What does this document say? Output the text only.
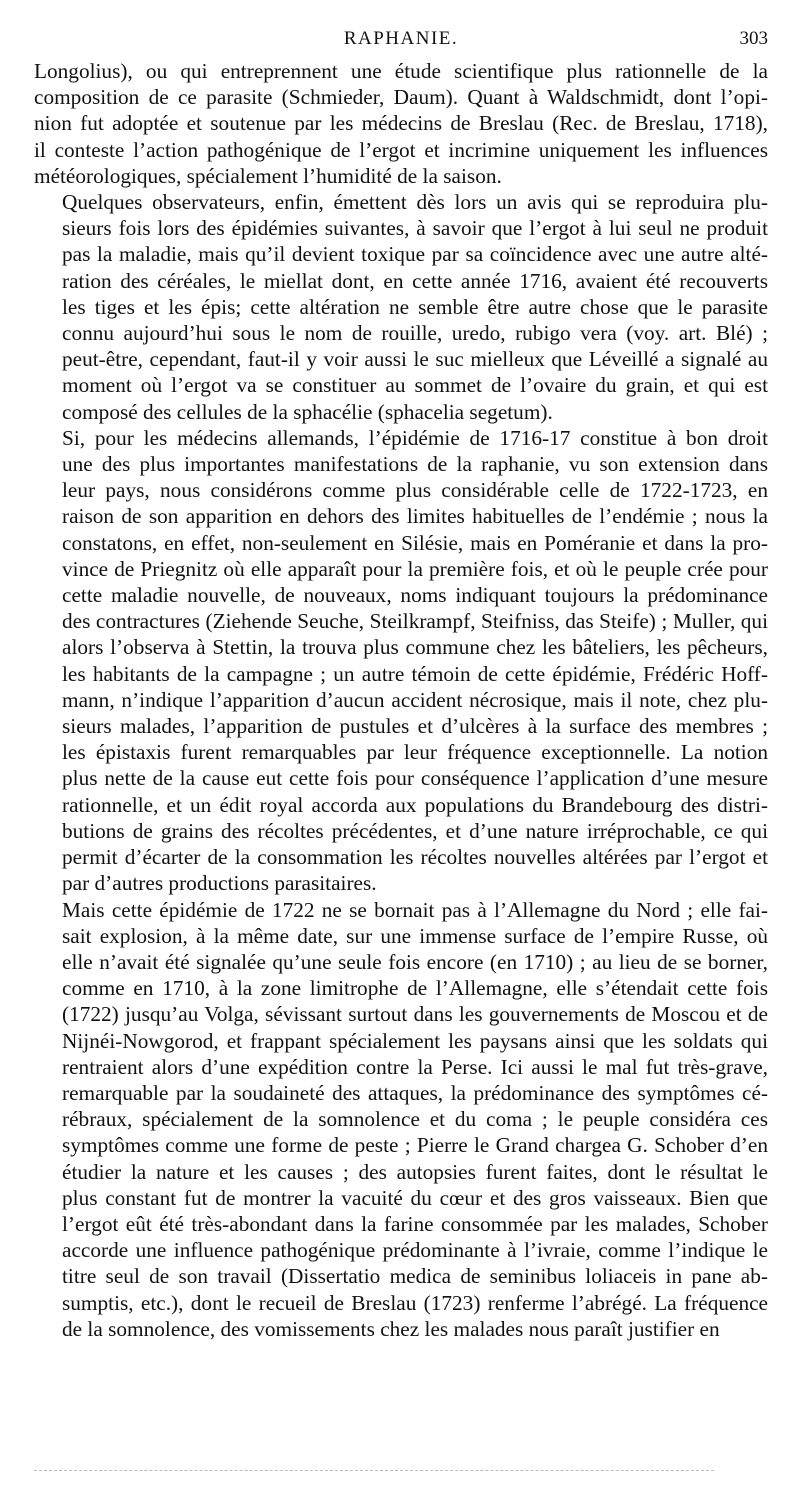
RAPHANIE.	303

Longolius), ou qui entreprennent une étude scientifique plus rationnelle de la
composition de ce parasite (Schmieder, Daum). Quant à Waldschmidt, dont l’opi-
nion fut adoptée et soutenue par les médecins de Breslau (Rec. de Breslau, 1718),
il conteste l’action pathogénique de l’ergot et incrimine uniquement les influences
météorologiques, spécialement l’humidité de la saison.

Quelques observateurs, enfin, émettent dès lors un avis qui se reproduira plu-
sieurs fois lors des épidémies suivantes, à savoir que l’ergot à lui seul ne produit
pas la maladie, mais qu’il devient toxique par sa coïncidence avec une autre alté-
ration des céréales, le miellat dont, en cette année 1716, avaient été recouverts
les tiges et les épis; cette altération ne semble être autre chose que le parasite
connu aujourd’hui sous le nom de rouille, uredo, rubigo vera (voy. art. Blé) ;
peut-être, cependant, faut-il y voir aussi le suc mielleux que Léveillé a signalé au
moment où l’ergot va se constituer au sommet de l’ovaire du grain, et qui est
composé des cellules de la sphacélie (sphacelia segetum).

Si, pour les médecins allemands, l’épidémie de 1716-17 constitue à bon droit
une des plus importantes manifestations de la raphanie, vu son extension dans
leur pays, nous considérons comme plus considérable celle de 1722-1723, en
raison de son apparition en dehors des limites habituelles de l’endémie ; nous la
constatons, en effet, non-seulement en Silésie, mais en Poméranie et dans la pro-
vince de Priegnitz où elle apparaît pour la première fois, et où le peuple crée pour
cette maladie nouvelle, de nouveaux, noms indiquant toujours la prédominance
des contractures (Ziehende Seuche, Steilkrampf, Steifniss, das Steife) ; Muller, qui
alors l’observa à Stettin, la trouva plus commune chez les bâteliers, les pêcheurs,
les habitants de la campagne ; un autre témoin de cette épidémie, Frédéric Hoff-
mann, n’indique l’apparition d’aucun accident nécrosique, mais il note, chez plu-
sieurs malades, l’apparition de pustules et d’ulcères à la surface des membres ;
les épistaxis furent remarquables par leur fréquence exceptionnelle. La notion
plus nette de la cause eut cette fois pour conséquence l’application d’une mesure
rationnelle, et un édit royal accorda aux populations du Brandebourg des distri-
butions de grains des récoltes précédentes, et d’une nature irréprochable, ce qui
permit d’écarter de la consommation les récoltes nouvelles altérées par l’ergot et
par d’autres productions parasitaires.

Mais cette épidémie de 1722 ne se bornait pas à l’Allemagne du Nord ; elle fai-
sait explosion, à la même date, sur une immense surface de l’empire Russe, où
elle n’avait été signalée qu’une seule fois encore (en 1710) ; au lieu de se borner,
comme en 1710, à la zone limitrophe de l’Allemagne, elle s’étendait cette fois
(1722) jusqu’au Volga, sévissant surtout dans les gouvernements de Moscou et de
Nijnéi-Nowgorod, et frappant spécialement les paysans ainsi que les soldats qui
rentraient alors d’une expédition contre la Perse. Ici aussi le mal fut très-grave,
remarquable par la soudaineté des attaques, la prédominance des symptômes cé-
rébraux, spécialement de la somnolence et du coma ; le peuple considéra ces
symptômes comme une forme de peste ; Pierre le Grand chargea G. Schober d’en
étudier la nature et les causes ; des autopsies furent faites, dont le résultat le
plus constant fut de montrer la vacuité du cœur et des gros vaisseaux. Bien que
l’ergot eût été très-abondant dans la farine consommée par les malades, Schober
accorde une influence pathogénique prédominante à l’ivraie, comme l’indique le
titre seul de son travail (Dissertatio medica de seminibus loliaceis in pane ab-
sumptis, etc.), dont le recueil de Breslau (1723) renferme l’abrégé. La fréquence
de la somnolence, des vomissements chez les malades nous paraît justifier en
